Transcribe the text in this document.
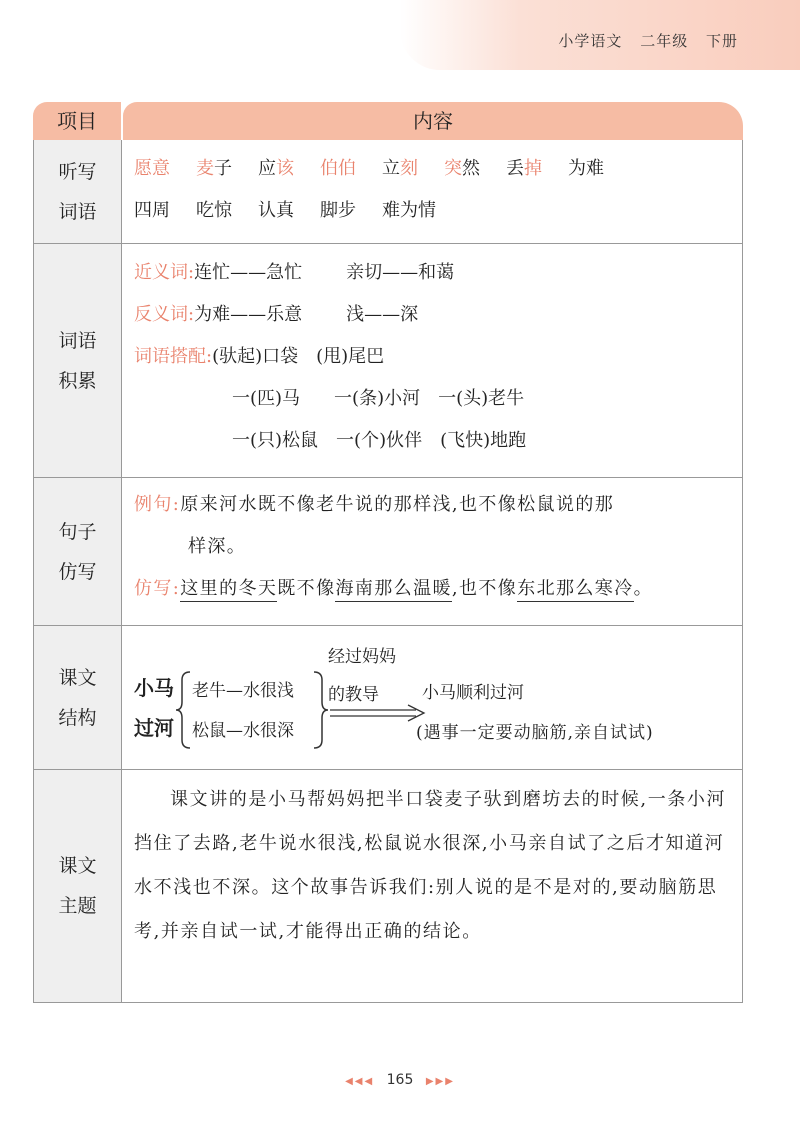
小学语文 二年级 下册
项目	内容
听写
词语
愿意 麦子 应该 伯伯 立刻 突然 丢掉 为难
四周 吃惊 认真 脚步 难为情
词语
积累
近义词:连忙——急忙 亲切——和蔼
反义词:为难——乐意 浅——深
词语搭配:(驮起)口袋 (甩)尾巴
一(匹)马 一(条)小河 一(头)老牛
一(只)松鼠 一(个)伙伴 (飞快)地跑
句子
仿写
例句:原来河水既不像老牛说的那样浅,也不像松鼠说的那
样深。
仿写:这里的冬天既不像海南那么温暖,也不像东北那么寒冷。
课文
结构
小马
过河
老牛—水很浅
松鼠—水很深
经过妈妈
的教导	小马顺利过河
(遇事一定要动脑筋,亲自试试)
课文
主题

课文讲的是小马帮妈妈把半口袋麦子驮到磨坊去的时候,一条小河挡住了去路,老牛说水很浅,松鼠说水很深,小马亲自试了之后才知道河水不浅也不深。这个故事告诉我们:别人说的是不是对的,要动脑筋思考,并亲自试一试,才能得出正确的结论。

◀◀◀ 165 ▶▶▶
